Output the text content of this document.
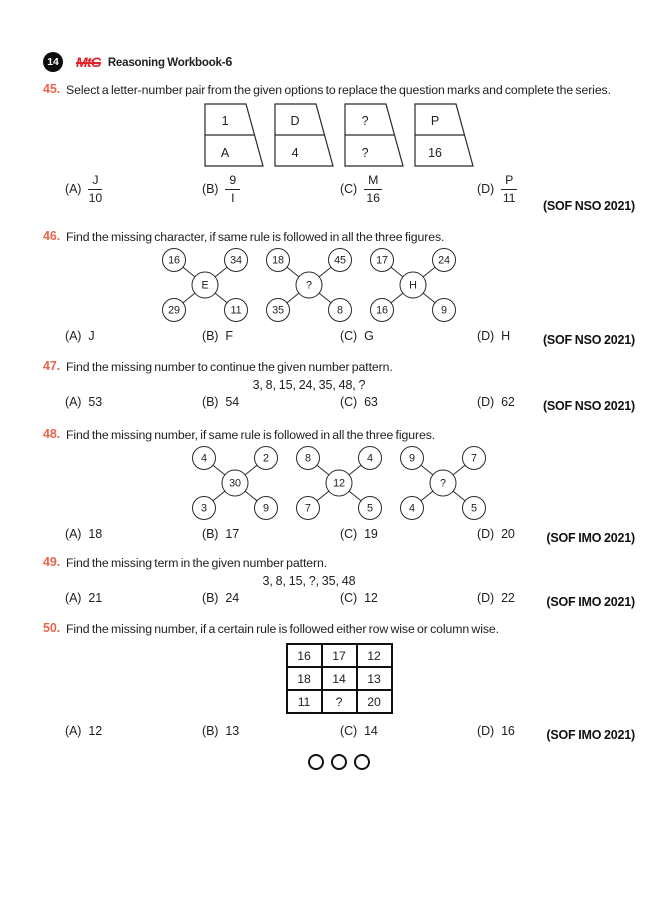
14	MtG Reasoning Workbook-6
45. Select a letter-number pair from the given options to replace the question marks and complete the series.

1
A
D
4
?
?
P
16
$(A) \frac{J}{10}$	$(B) \frac{9}{I}$	$(C) \frac{M}{16}$	$(D) \frac{P}{11} (SOF$ NSO 2021)
46. Find the missing character, if same rule is followed in all the three figures.

16	34
29	11
E
18	45
35	8
?
17	24
16	9
H
(A) J	(B) F	(C) G	(D) H	(SOF NSO 2021)
47. Find the missing number to continue the given number pattern.

3, 8, 15, 24, 35, 48, ?
(A) 53	(B) 54	(C) 63	(D) 62 (SOF NSO 2021)
48. Find the missing number, if same rule is followed in all the three figures.

4	2
3	9
30
8	4
7	5
12
9	7
4	5
?
(A) 18	(B) 17	(C) 19	(D) 20	(SOF IMO 2021)
49. Find the missing term in the given number pattern.

3, 8, 15, ?, 35, 48
(A) 21	(B) 24	(C) 12	(D) 22	(SOF IMO 2021)
50. Find the missing number, if a certain rule is followed either row wise or column wise.

16	17	12
18	14	13
11	?	20
(A) 12	(B) 13	(C) 14	(D) 16	(SOF IMO 2021)
